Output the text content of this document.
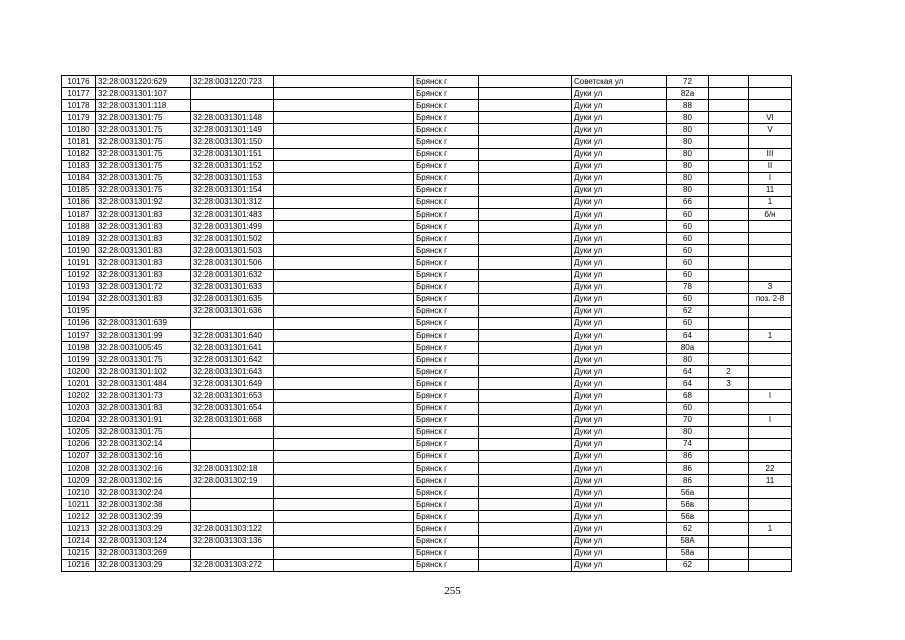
10176	32:28:0031220:629	32:28:0031220:723		Брянск г		Советская ул	72		
10177	32:28:0031301:107			Брянск г		Дуки ул	82а		
10178	32:28:0031301:118			Брянск г		Дуки ул	88		
10179	32:28:0031301:75	32:28:0031301:148		Брянск г		Дуки ул	80		VI
10180	32:28:0031301:75	32:28:0031301:149		Брянск г		Дуки ул	80		V
10181	32:28:0031301:75	32:28:0031301:150		Брянск г		Дуки ул	80		
10182	32:28:0031301:75	32:28:0031301:151		Брянск г		Дуки ул	80		III
10183	32:28:0031301:75	32:28:0031301:152		Брянск г		Дуки ул	80		II
10184	32:28:0031301:75	32:28:0031301:153		Брянск г		Дуки ул	80		I
10185	32:28:0031301:75	32:28:0031301:154		Брянск г		Дуки ул	80		11
10186	32:28:0031301:92	32:28:0031301:312		Брянск г		Дуки ул	66		1
10187	32:28:0031301:83	32:28:0031301:483		Брянск г		Дуки ул	60		б/н
10188	32:28:0031301:83	32:28:0031301:499		Брянск г		Дуки ул	60		
10189	32:28:0031301:83	32:28:0031301:502		Брянск г		Дуки ул	60		
10190	32:28:0031301:83	32:28:0031301:503		Брянск г		Дуки ул	60		
10191	32:28:0031301:83	32:28:0031301:506		Брянск г		Дуки ул	60		
10192	32:28:0031301:83	32:28:0031301:632		Брянск г		Дуки ул	60		
10193	32:28:0031301:72	32:28:0031301:633		Брянск г		Дуки ул	78		3
10194	32:28:0031301:83	32:28:0031301:635		Брянск г		Дуки ул	60		поз. 2-8
10195		32:28:0031301:636		Брянск г		Дуки ул	62		
10196	32:28:0031301:639			Брянск г		Дуки ул	60		
10197	32:28:0031301:99	32:28:0031301:640		Брянск г		Дуки ул	64		1
10198	32:28:0031005:45	32:28:0031301:641		Брянск г		Дуки ул	80а		
10199	32:28:0031301:75	32:28:0031301:642		Брянск г		Дуки ул	80		
10200	32:28:0031301:102	32:28:0031301:643		Брянск г		Дуки ул	64	2	
10201	32:28:0031301:484	32:28:0031301:649		Брянск г		Дуки ул	64	3	
10202	32:28:0031301:73	32:28:0031301:653		Брянск г		Дуки ул	68		I
10203	32:28:0031301:83	32:28:0031301:654		Брянск г		Дуки ул	60		
10204	32:28:0031301:91	32:28:0031301:668		Брянск г		Дуки ул	70		I
10205	32:28:0031301:75			Брянск г		Дуки ул	80		
10206	32:28:0031302:14			Брянск г		Дуки ул	74		
10207	32:28:0031302:16			Брянск г		Дуки ул	86		
10208	32:28:0031302:16	32:28:0031302:18		Брянск г		Дуки ул	86		22
10209	32:28:0031302:16	32:28:0031302:19		Брянск г		Дуки ул	86		11
10210	32:28:0031302:24			Брянск г		Дуки ул	56а		
10211	32:28:0031302:38			Брянск г		Дуки ул	56в		
10212	32:28:0031302:39			Брянск г		Дуки ул	56в		
10213	32:28:0031303:29	32:28:0031303:122		Брянск г		Дуки ул	62		1
10214	32:28:0031303:124	32:28:0031303:136		Брянск г		Дуки ул	58А		
10215	32:28:0031303:269			Брянск г		Дуки ул	58а		
10216	32:28:0031303:29	32:28:0031303:272		Брянск г		Дуки ул	62		
255
